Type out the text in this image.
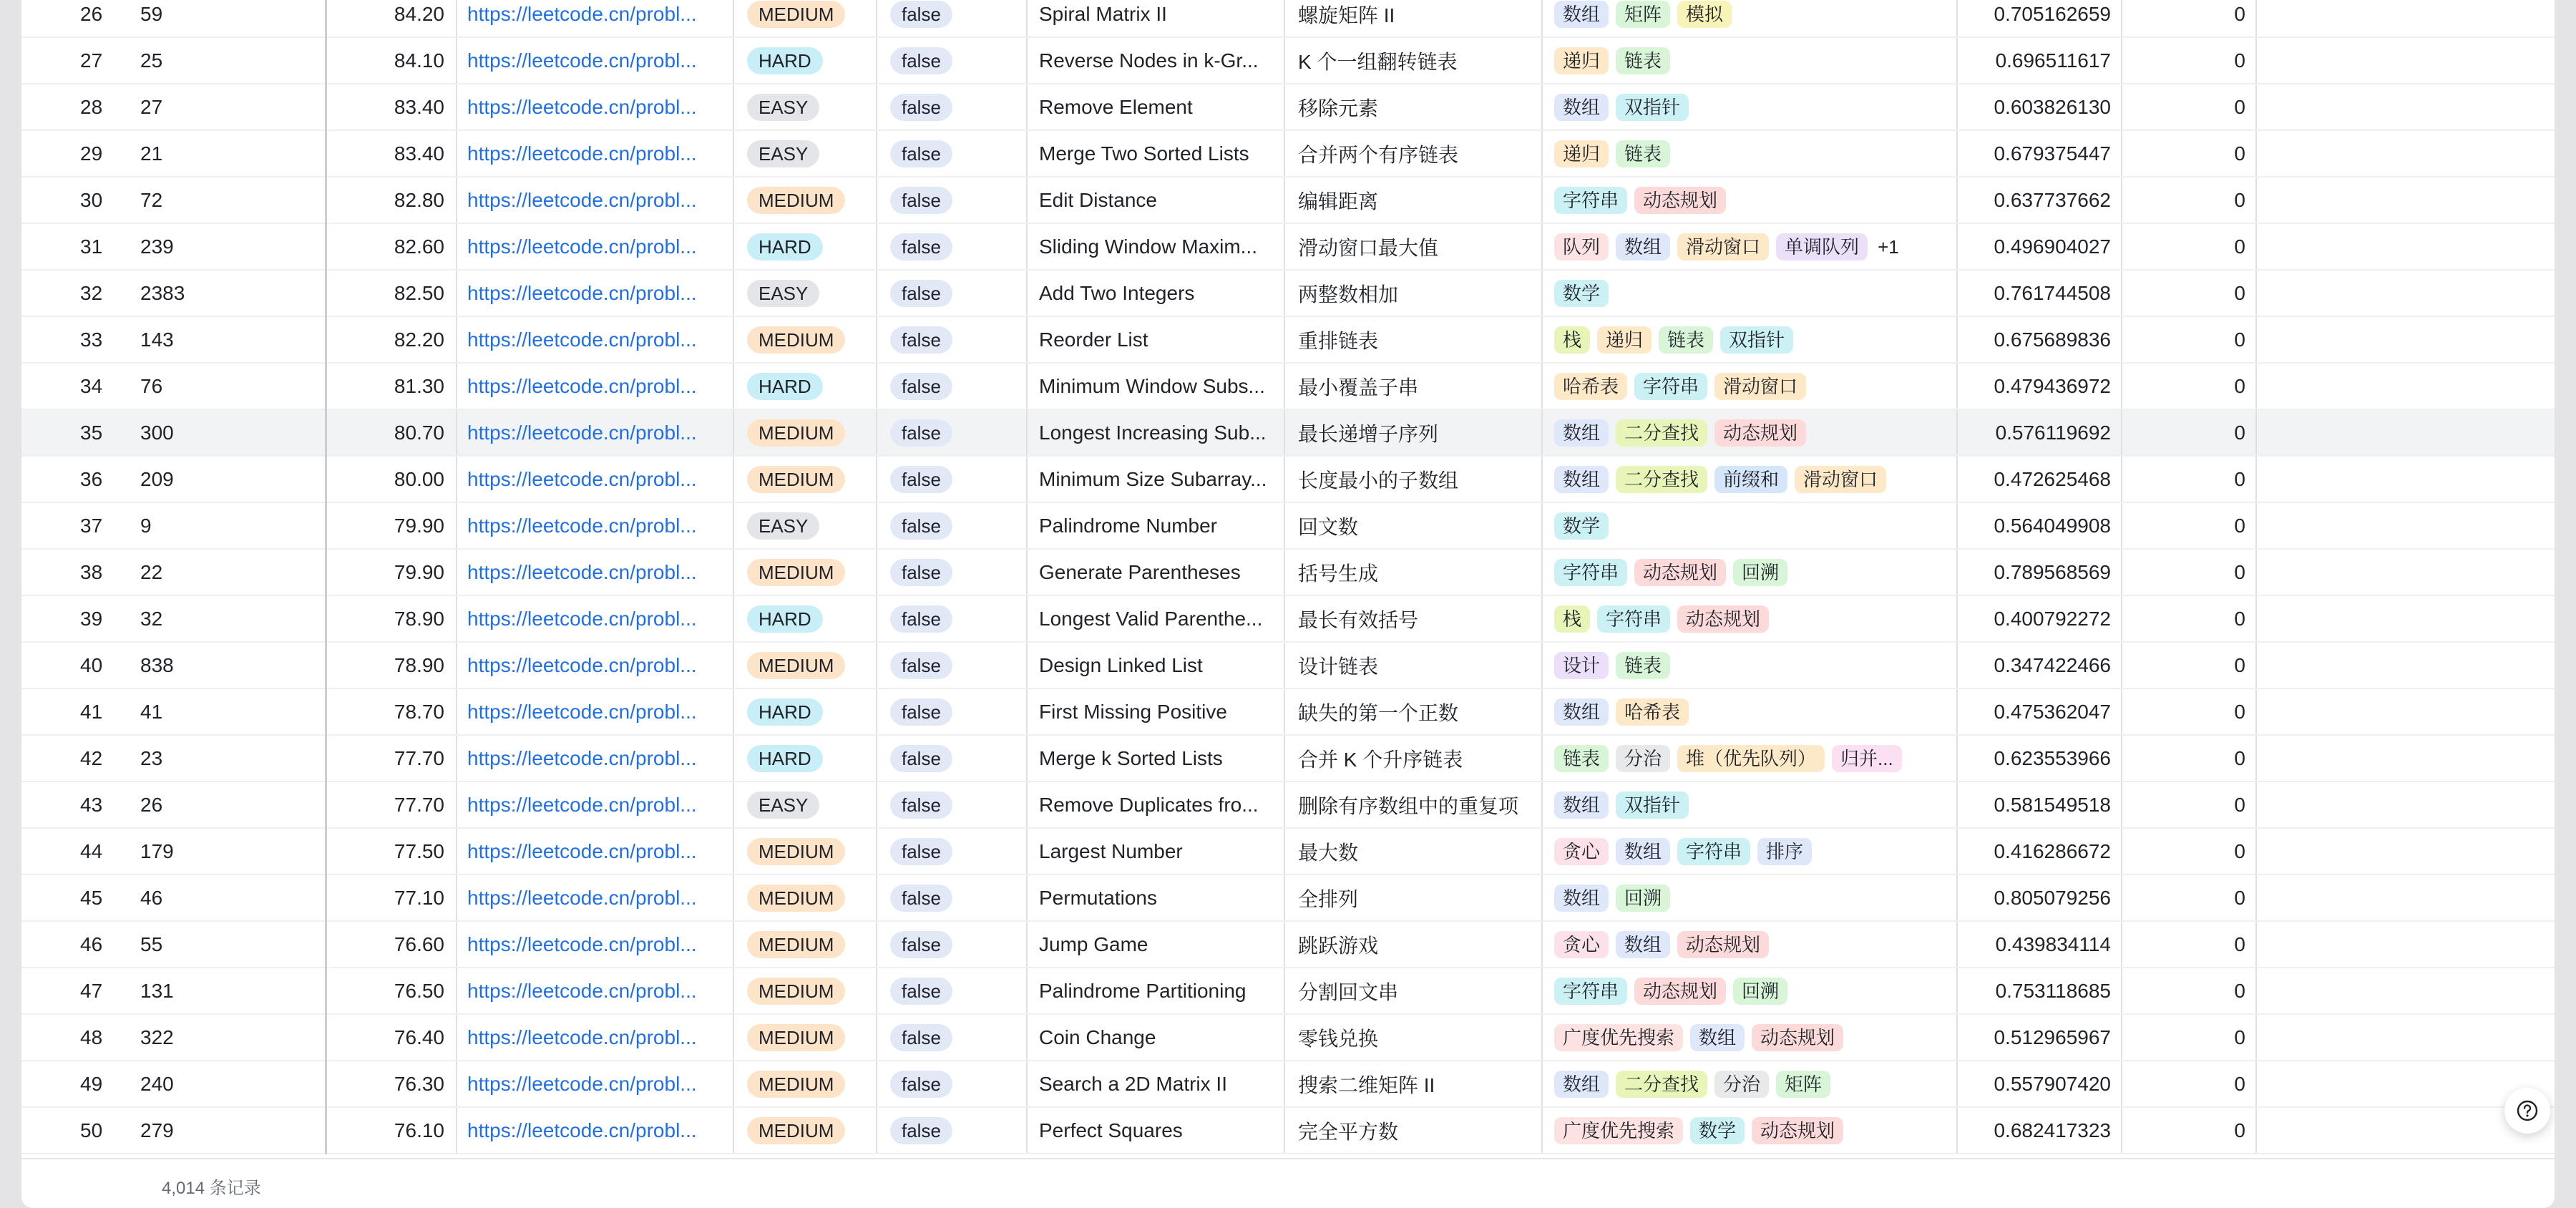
26	59	84.20	https://leetcode.cn/probl...	MEDIUM	false	Spiral Matrix II	螺旋矩阵 II	数组 矩阵 模拟	0.705162659	0	
27	25	84.10	https://leetcode.cn/probl...	HARD	false	Reverse Nodes in k-Gr...	K 个一组翻转链表	递归 链表	0.696511617	0	
28	27	83.40	https://leetcode.cn/probl...	EASY	false	Remove Element	移除元素	数组 双指针	0.603826130	0	
29	21	83.40	https://leetcode.cn/probl...	EASY	false	Merge Two Sorted Lists	合并两个有序链表	递归 链表	0.679375447	0	
30	72	82.80	https://leetcode.cn/probl...	MEDIUM	false	Edit Distance	编辑距离	字符串 动态规划	0.637737662	0	
31	239	82.60	https://leetcode.cn/probl...	HARD	false	Sliding Window Maxim...	滑动窗口最大值	队列 数组 滑动窗口 单调队列 +1	0.496904027	0	
32	2383	82.50	https://leetcode.cn/probl...	EASY	false	Add Two Integers	两整数相加	数学	0.761744508	0	
33	143	82.20	https://leetcode.cn/probl...	MEDIUM	false	Reorder List	重排链表	栈 递归 链表 双指针	0.675689836	0	
34	76	81.30	https://leetcode.cn/probl...	HARD	false	Minimum Window Subs...	最小覆盖子串	哈希表 字符串 滑动窗口	0.479436972	0	
35	300	80.70	https://leetcode.cn/probl...	MEDIUM	false	Longest Increasing Sub...	最长递增子序列	数组 二分查找 动态规划	0.576119692	0	
36	209	80.00	https://leetcode.cn/probl...	MEDIUM	false	Minimum Size Subarray...	长度最小的子数组	数组 二分查找 前缀和 滑动窗口	0.472625468	0	
37	9	79.90	https://leetcode.cn/probl...	EASY	false	Palindrome Number	回文数	数学	0.564049908	0	
38	22	79.90	https://leetcode.cn/probl...	MEDIUM	false	Generate Parentheses	括号生成	字符串 动态规划 回溯	0.789568569	0	
39	32	78.90	https://leetcode.cn/probl...	HARD	false	Longest Valid Parenthe...	最长有效括号	栈 字符串 动态规划	0.400792272	0	
40	838	78.90	https://leetcode.cn/probl...	MEDIUM	false	Design Linked List	设计链表	设计 链表	0.347422466	0	
41	41	78.70	https://leetcode.cn/probl...	HARD	false	First Missing Positive	缺失的第一个正数	数组 哈希表	0.475362047	0	
42	23	77.70	https://leetcode.cn/probl...	HARD	false	Merge k Sorted Lists	合并 K 个升序链表	链表 分治 堆（优先队列） 归并...	0.623553966	0	
43	26	77.70	https://leetcode.cn/probl...	EASY	false	Remove Duplicates fro...	删除有序数组中的重复项	数组 双指针	0.581549518	0	
44	179	77.50	https://leetcode.cn/probl...	MEDIUM	false	Largest Number	最大数	贪心 数组 字符串 排序	0.416286672	0	
45	46	77.10	https://leetcode.cn/probl...	MEDIUM	false	Permutations	全排列	数组 回溯	0.805079256	0	
46	55	76.60	https://leetcode.cn/probl...	MEDIUM	false	Jump Game	跳跃游戏	贪心 数组 动态规划	0.439834114	0	
47	131	76.50	https://leetcode.cn/probl...	MEDIUM	false	Palindrome Partitioning	分割回文串	字符串 动态规划 回溯	0.753118685	0	
48	322	76.40	https://leetcode.cn/probl...	MEDIUM	false	Coin Change	零钱兑换	广度优先搜索 数组 动态规划	0.512965967	0	
49	240	76.30	https://leetcode.cn/probl...	MEDIUM	false	Search a 2D Matrix II	搜索二维矩阵 II	数组 二分查找 分治 矩阵	0.557907420	0	
50	279	76.10	https://leetcode.cn/probl...	MEDIUM	false	Perfect Squares	完全平方数	广度优先搜索 数学 动态规划	0.682417323	0	
4,014 条记录
